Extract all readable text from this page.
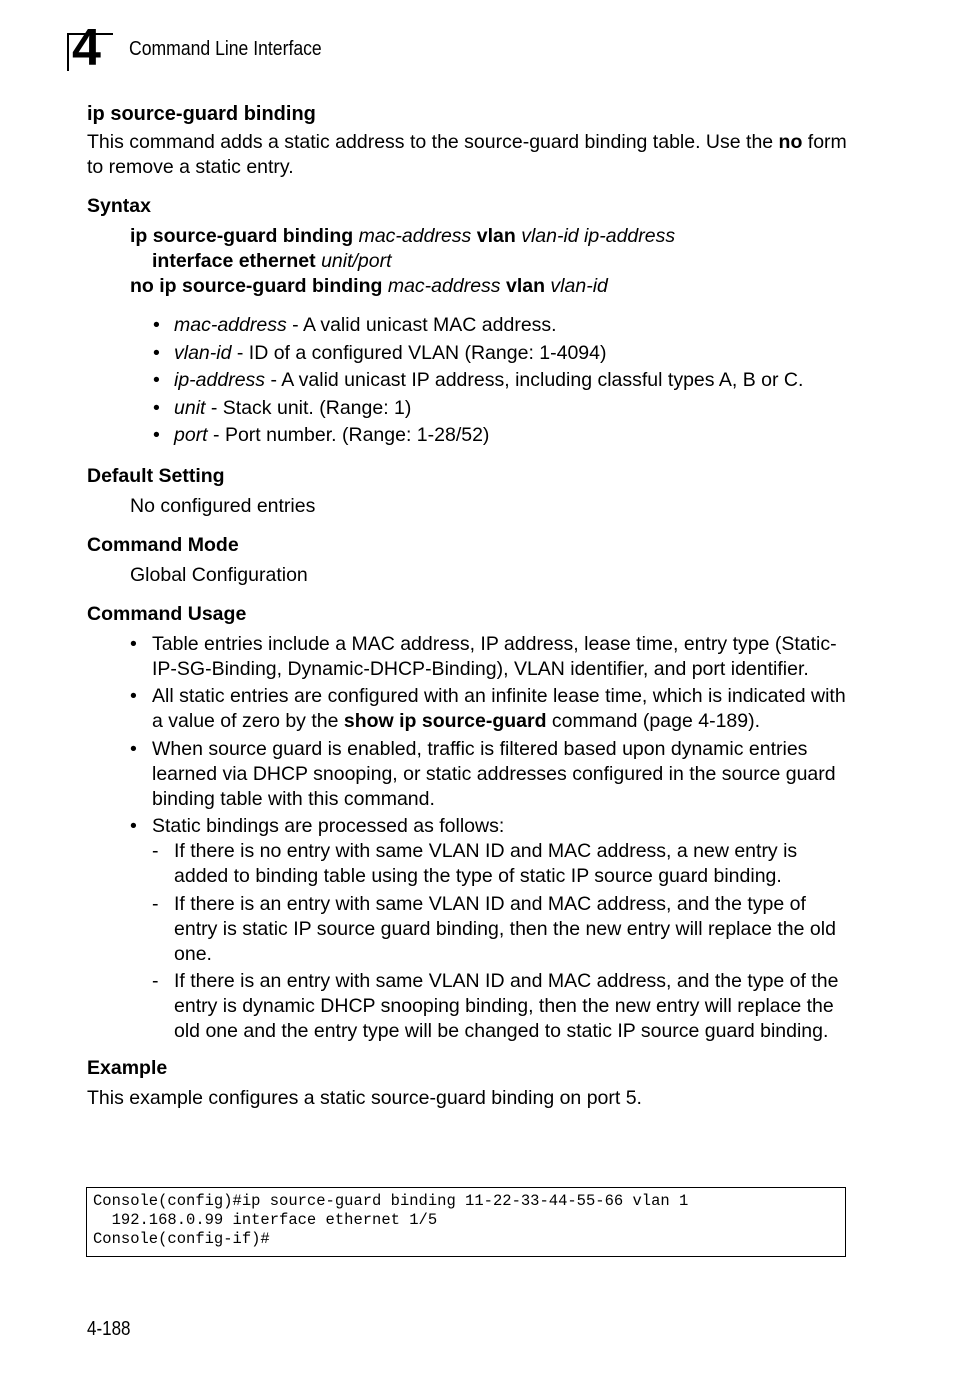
4 Command Line Interface
ip source-guard binding

This command adds a static address to the source-guard binding table. Use the no form to remove a static entry.

Syntax

ip source-guard binding mac-address vlan vlan-id ip-address

interface ethernet unit/port

no ip source-guard binding mac-address vlan vlan-id

• mac-address - A valid unicast MAC address.
• vlan-id - ID of a configured VLAN (Range: 1-4094)
• ip-address - A valid unicast IP address, including classful types A, B or C.
• unit - Stack unit. (Range: 1)
• port - Port number. (Range: 1-28/52)
Default Setting

No configured entries

Command Mode

Global Configuration

Command Usage
• Table entries include a MAC address, IP address, lease time, entry type (Static-IP-SG-Binding, Dynamic-DHCP-Binding), VLAN identifier, and port identifier.
• All static entries are configured with an infinite lease time, which is indicated with a value of zero by the show ip source-guard command (page 4-189).
• When source guard is enabled, traffic is filtered based upon dynamic entries learned via DHCP snooping, or static addresses configured in the source guard binding table with this command.
• Static bindings are processed as follows:
- If there is no entry with same VLAN ID and MAC address, a new entry is added to binding table using the type of static IP source guard binding.
- If there is an entry with same VLAN ID and MAC address, and the type of entry is static IP source guard binding, then the new entry will replace the old one.
- If there is an entry with same VLAN ID and MAC address, and the type of the entry is dynamic DHCP snooping binding, then the new entry will replace the old one and the entry type will be changed to static IP source guard binding.
Example

This example configures a static source-guard binding on port 5.

Console(config)#ip source-guard binding 11-22-33-44-55-66 vlan 1
192.168.0.99 interface ethernet 1/5
Console(config-if)#
4-188
